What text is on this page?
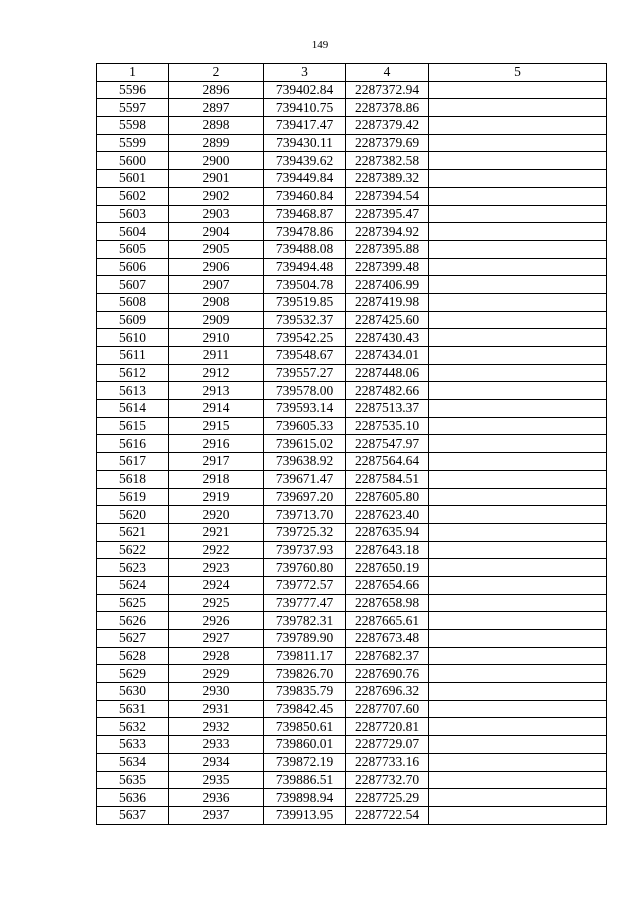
149
1	2	3	4	5
5596	2896	739402.84	2287372.94	
5597	2897	739410.75	2287378.86	
5598	2898	739417.47	2287379.42	
5599	2899	739430.11	2287379.69	
5600	2900	739439.62	2287382.58	
5601	2901	739449.84	2287389.32	
5602	2902	739460.84	2287394.54	
5603	2903	739468.87	2287395.47	
5604	2904	739478.86	2287394.92	
5605	2905	739488.08	2287395.88	
5606	2906	739494.48	2287399.48	
5607	2907	739504.78	2287406.99	
5608	2908	739519.85	2287419.98	
5609	2909	739532.37	2287425.60	
5610	2910	739542.25	2287430.43	
5611	2911	739548.67	2287434.01	
5612	2912	739557.27	2287448.06	
5613	2913	739578.00	2287482.66	
5614	2914	739593.14	2287513.37	
5615	2915	739605.33	2287535.10	
5616	2916	739615.02	2287547.97	
5617	2917	739638.92	2287564.64	
5618	2918	739671.47	2287584.51	
5619	2919	739697.20	2287605.80	
5620	2920	739713.70	2287623.40	
5621	2921	739725.32	2287635.94	
5622	2922	739737.93	2287643.18	
5623	2923	739760.80	2287650.19	
5624	2924	739772.57	2287654.66	
5625	2925	739777.47	2287658.98	
5626	2926	739782.31	2287665.61	
5627	2927	739789.90	2287673.48	
5628	2928	739811.17	2287682.37	
5629	2929	739826.70	2287690.76	
5630	2930	739835.79	2287696.32	
5631	2931	739842.45	2287707.60	
5632	2932	739850.61	2287720.81	
5633	2933	739860.01	2287729.07	
5634	2934	739872.19	2287733.16	
5635	2935	739886.51	2287732.70	
5636	2936	739898.94	2287725.29	
5637	2937	739913.95	2287722.54	
